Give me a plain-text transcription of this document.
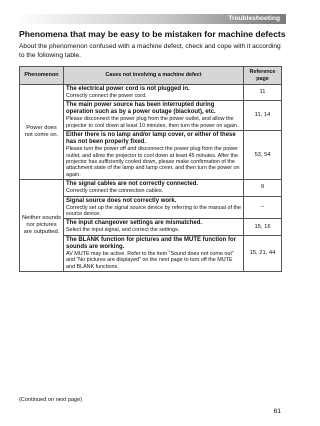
Troubleshooting
Phenomena that may be easy to be mistaken for machine defects
About the phenomenon confused with a machine defect, check and cope with it according to the following table.
Phenomenon	Cases not involving a machine defect	Reference page
Power does not come on.	The electrical power cord is not plugged in.
Correctly connect the power cord.	11

	The main power source has been interrupted during operation such as by a power outage (blackout), etc.
Please disconnect the power plug from the power outlet, and allow the projector to cool down at least 10 minutes, then turn the power on again.	11, 14

	Either there is no lamp and/or lamp cover, or either of these has not been properly fixed.
Please turn the power off and disconnect the power plug from the power outlet, and allow the projector to cool down at least 45 minutes. After the projector has sufficiently cooled down, please make confirmation of the attachment state of the lamp and lamp cover, and then turn the power on again.	53, 54
Neither sounds nor pictures are outputted.	The signal cables are not correctly connected.
Correctly connect the connection cables.	9

	Signal source does not correctly work.
Correctly set up the signal source device by referring to the manual of the source device.	–

	The input changeover settings are mismatched.
Select the input signal, and correct the settings.	15, 16

	The BLANK function for pictures and the MUTE function for sounds are working.
AV MUTE may be active. Refer to the item “Sound does not come out” and “No pictures are displayed” on the next page to turn off the MUTE and BLANK functions.	15, 21, 44
(Continued on next page)
61
